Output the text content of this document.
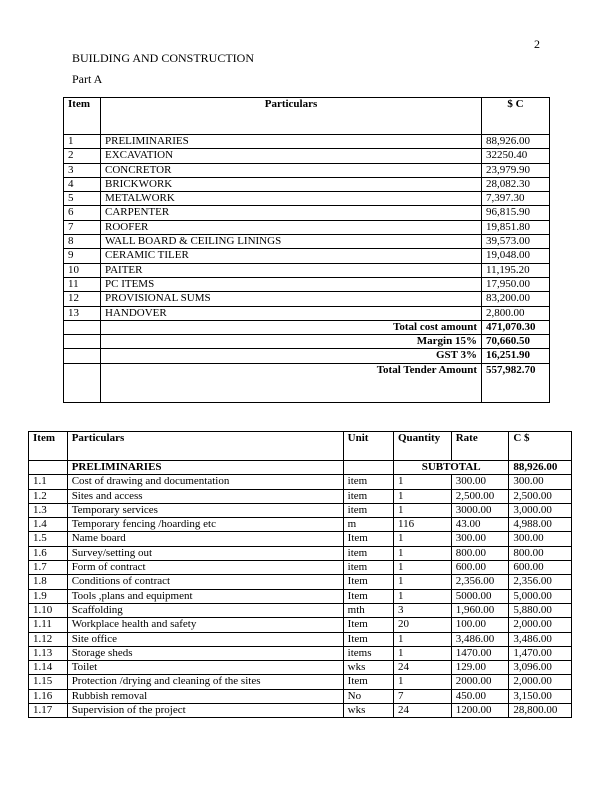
2
BUILDING AND CONSTRUCTION
Part A
Item	Particulars	$ C
1	PRELIMINARIES	88,926.00
2	EXCAVATION	32250.40
3	CONCRETOR	23,979.90
4	BRICKWORK	28,082.30
5	METALWORK	7,397.30
6	CARPENTER	96,815.90
7	ROOFER	19,851.80
8	WALL BOARD & CEILING LININGS	39,573.00
9	CERAMIC TILER	19,048.00
10	PAITER	11,195.20
11	PC ITEMS	17,950.00
12	PROVISIONAL SUMS	83,200.00
13	HANDOVER	2,800.00
	Total cost amount	471,070.30
	Margin 15%	70,660.50
	GST 3%	16,251.90
	Total Tender Amount	557,982.70
Item	Particulars	Unit	Quantity	Rate	C $
	PRELIMINARIES		SUBTOTAL		88,926.00
1.1	Cost of drawing and documentation	item	1	300.00	300.00
1.2	Sites and access	item	1	2,500.00	2,500.00
1.3	Temporary services	item	1	3000.00	3,000.00
1.4	Temporary fencing /hoarding etc	m	116	43.00	4,988.00
1.5	Name board	Item	1	300.00	300.00
1.6	Survey/setting out	item	1	800.00	800.00
1.7	Form of contract	item	1	600.00	600.00
1.8	Conditions of contract	Item	1	2,356.00	2,356.00
1.9	Tools ,plans and equipment	Item	1	5000.00	5,000.00
1.10	Scaffolding	mth	3	1,960.00	5,880.00
1.11	Workplace health and safety	Item	20	100.00	2,000.00
1.12	Site office	Item	1	3,486.00	3,486.00
1.13	Storage sheds	items	1	1470.00	1,470.00
1.14	Toilet	wks	24	129.00	3,096.00
1.15	Protection /drying and cleaning of the sites	Item	1	2000.00	2,000.00
1.16	Rubbish removal	No	7	450.00	3,150.00
1.17	Supervision of the project	wks	24	1200.00	28,800.00
